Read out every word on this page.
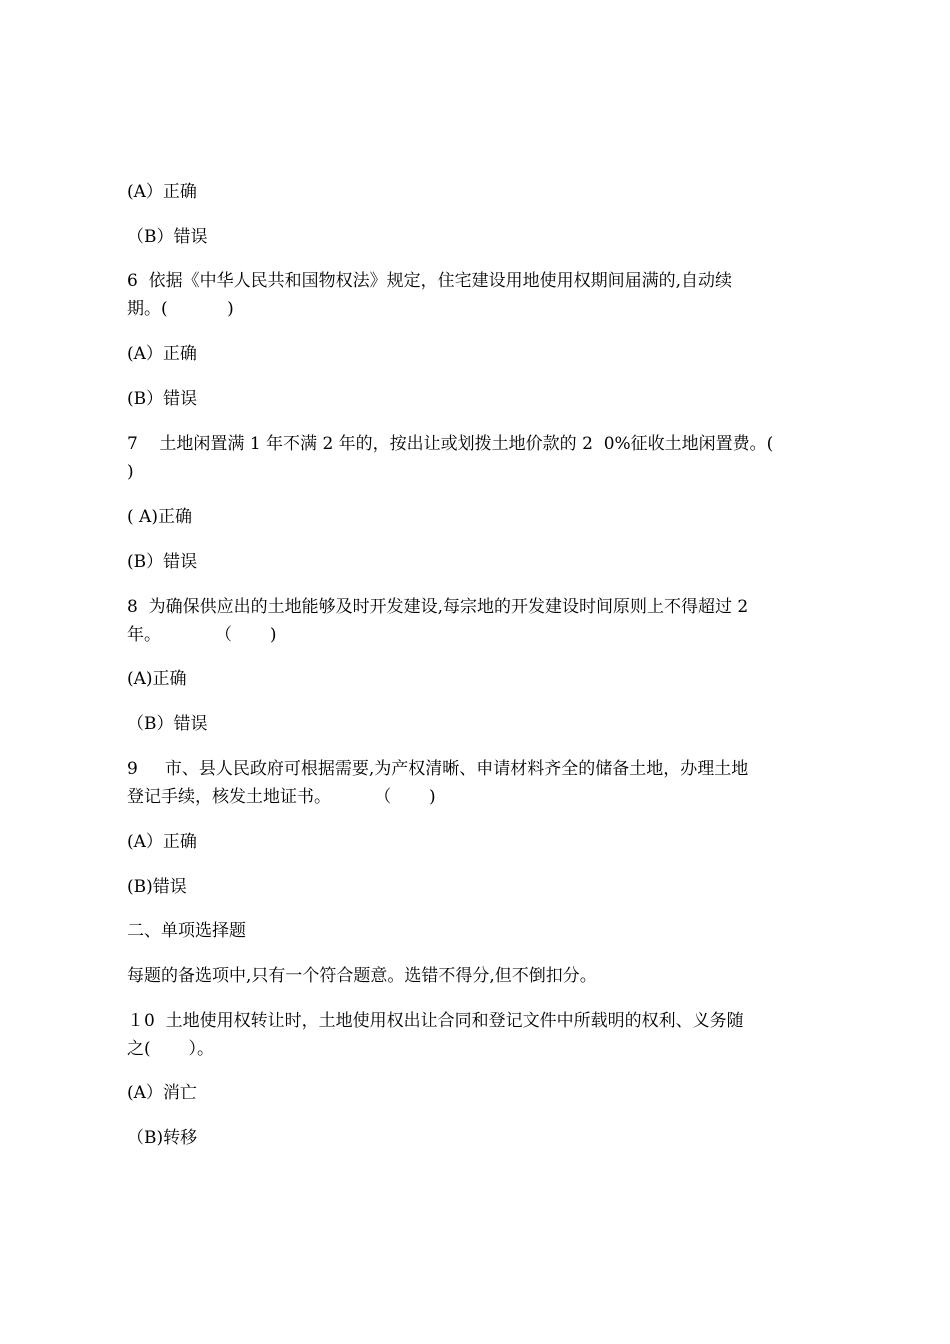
(A）正确
（B）错误
6  依据《中华人民共和国物权法》规定，住宅建设用地使用权期间届满的,自动续
期。(           )
(A）正确
(B）错误
7    土地闲置满 1 年不满 2 年的，按出让或划拨土地价款的 2  0%征收土地闲置费。(
)
( A)正确
(B）错误
8  为确保供应出的土地能够及时开发建设,每宗地的开发建设时间原则上不得超过 2
年。          （       )
(A)正确
（B）错误
9     市、县人民政府可根据需要,为产权清晰、申请材料齐全的储备土地，办理土地
登记手续，核发土地证书。        （       )
(A）正确
(B)错误
二、单项选择题
每题的备选项中,只有一个符合题意。选错不得分,但不倒扣分。
１0  土地使用权转让时，土地使用权出让合同和登记文件中所载明的权利、义务随
之(       ）。
(A）消亡
（B)转移
